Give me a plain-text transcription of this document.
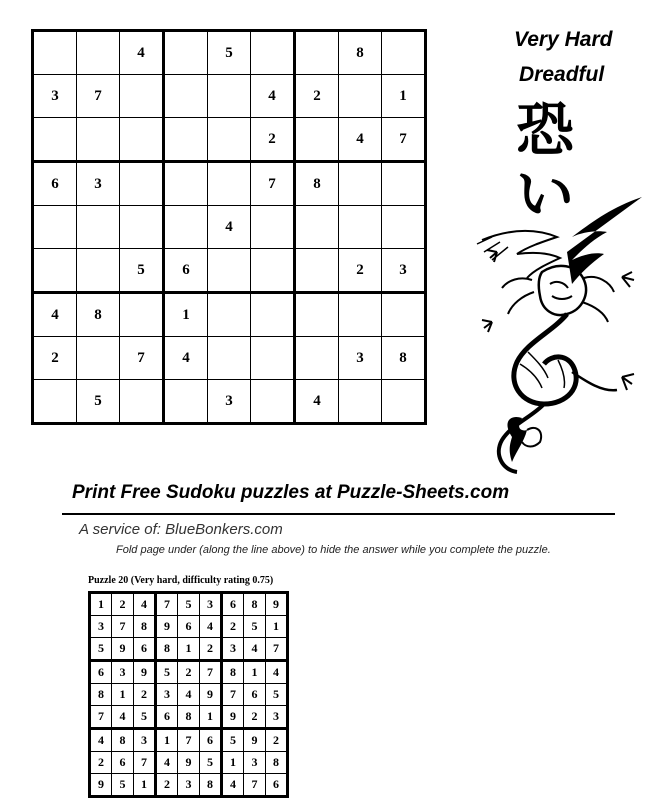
		4		5			8	
3	7				4	2		1
					2		4	7
6	3				7	8		
				4				
		5	6				2	3
4	8		1					
2		7	4				3	8
	5			3		4		
Very Hard
Dreadful
恐
い
Print Free Sudoku puzzles at Puzzle-Sheets.com
A service of: BlueBonkers.com
Fold page under (along the line above) to hide the answer while you complete the puzzle.
Puzzle 20 (Very hard, difficulty rating 0.75)
1	2	4	7	5	3	6	8	9
3	7	8	9	6	4	2	5	1
5	9	6	8	1	2	3	4	7
6	3	9	5	2	7	8	1	4
8	1	2	3	4	9	7	6	5
7	4	5	6	8	1	9	2	3
4	8	3	1	7	6	5	9	2
2	6	7	4	9	5	1	3	8
9	5	1	2	3	8	4	7	6
